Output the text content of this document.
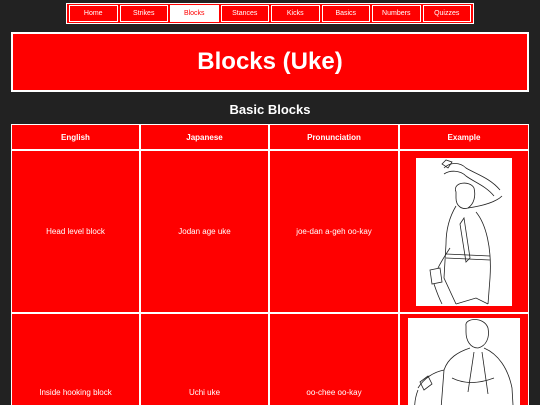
Home	Strikes	Blocks	Stances	Kicks	Basics	Numbers	Quizzes
Blocks (Uke)
Basic Blocks
English	Japanese	Pronunciation	Example
Head level block	Jodan age uke	joe-dan a-geh oo-kay
Inside hooking block	Uchi uke	oo-chee oo-kay
